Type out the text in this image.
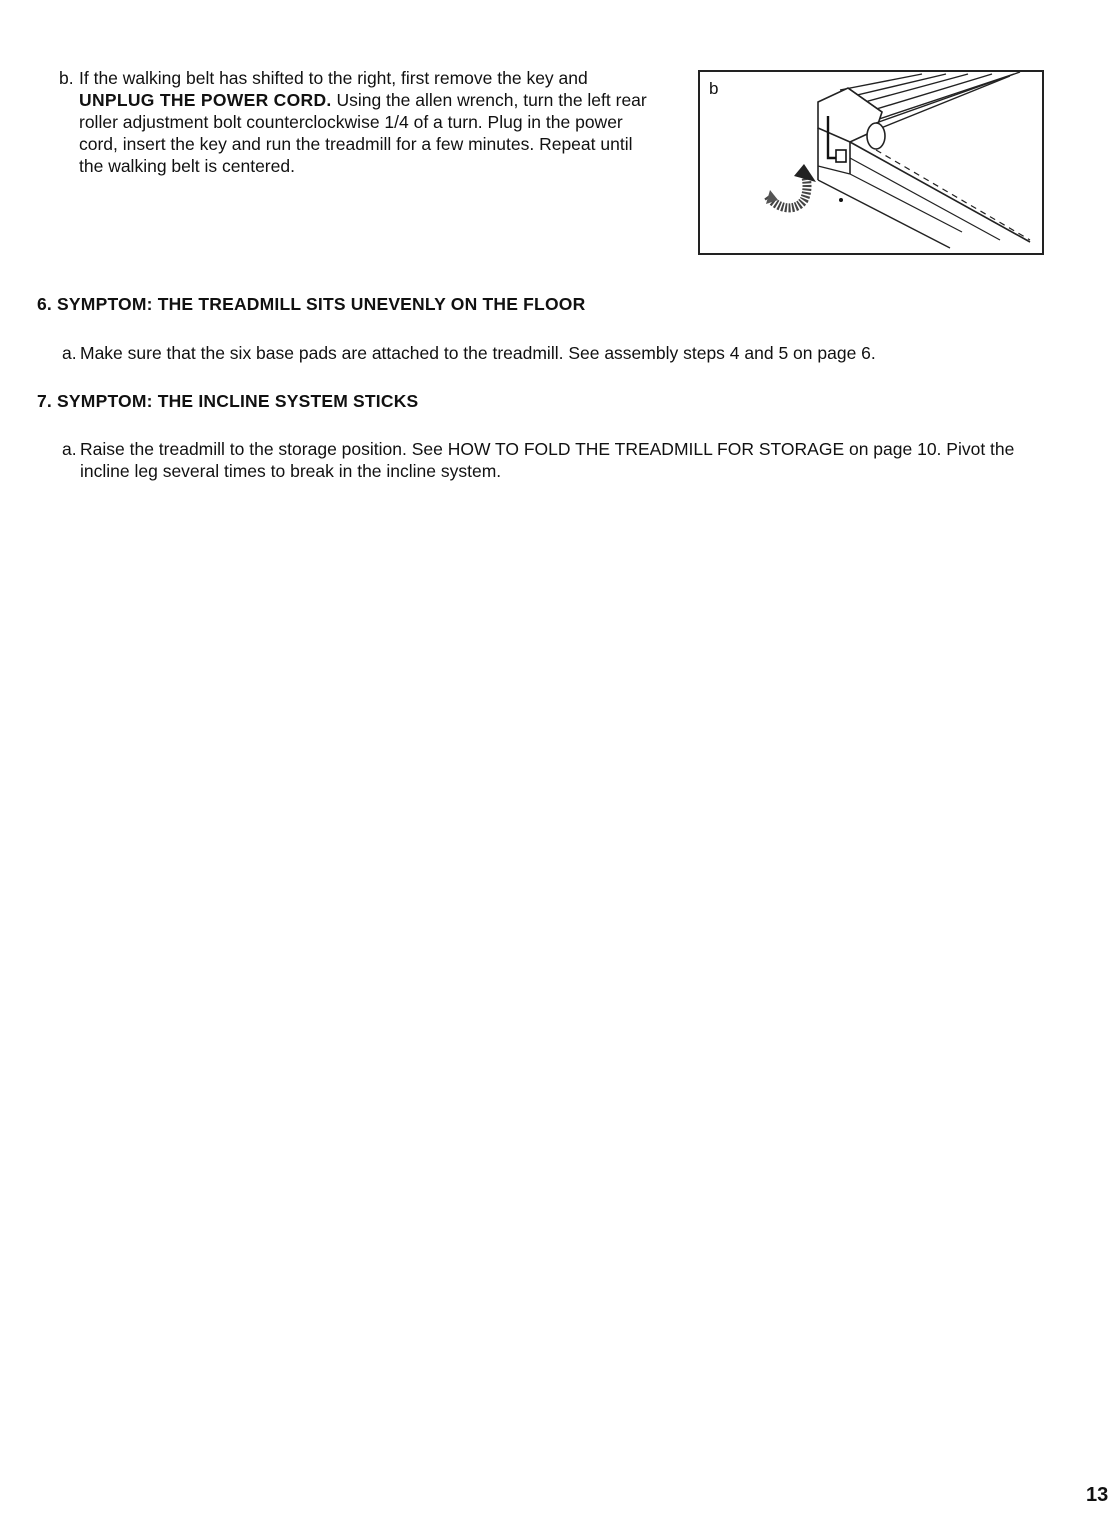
b. If the walking belt has shifted to the right, first remove the key and UNPLUG THE POWER CORD. Using the allen wrench, turn the left rear roller adjustment bolt counterclockwise 1/4 of a turn. Plug in the power cord, insert the key and run the treadmill for a few minutes. Repeat until the walking belt is centered.
b
6. SYMPTOM: THE TREADMILL SITS UNEVENLY ON THE FLOOR
a. Make sure that the six base pads are attached to the treadmill. See assembly steps 4 and 5 on page 6.
7. SYMPTOM: THE INCLINE SYSTEM STICKS
a. Raise the treadmill to the storage position. See HOW TO FOLD THE TREADMILL FOR STORAGE on page 10. Pivot the incline leg several times to break in the incline system.
13
